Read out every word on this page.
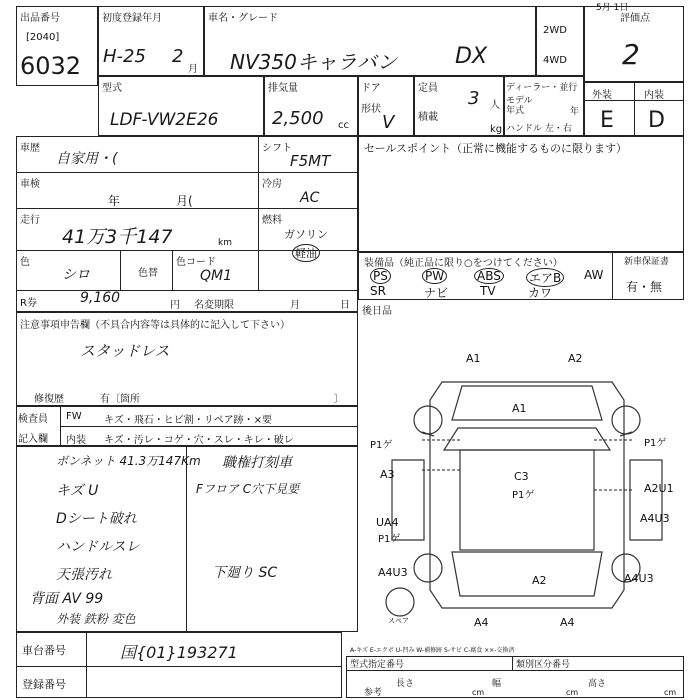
5月 1日
出品番号
[2040]
6032
初度登録年月
H-25 2
月
車名・グレード
NV350キャラバン	DX
2WD
4WD
評価点
2
型式
LDF-VW2E26
排気量
2,500 cc
ドア
形状
V
定員 3 人
積載
kg
ディーラー・並行
モデル
年式	年
ハンドル 左・右
外装	内装
E D
車歴
自家用・(
車検
年	月(
走行
41万3千147	km
色
シロ	色替
色コード
QM1
R券	9,160	円 名変期限	月	日
シフト
F5MT
冷房
AC
燃料
ガソリン
軽油
セールスポイント（正常に機能するものに限ります）
装備品（純正品に限り○をつけてください）	新車保証書
有・無
PS	PW	ABS エアB AW
SR	ナビ	TV	カワ
後日品
注意事項申告欄（不具合内容等は具体的に記入して下さい）
スタッドレス
修復歴	有〔箇所	〕
検査員
記入欄
FW キズ・飛石・ヒビ割・リペア跡・×要
内装 キズ・汚レ・コゲ・穴・スレ・キレ・破レ
ボンネット 41.3万147Km
キズ U
Dシート破れ
ハンドルスレ
天張汚れ
背面 AV 99
外装 鉄粉 変色
職権打刻車
Fフロア C穴下見要
下廻り SC
A1	A2
A1
P1ゲ	P1ゲ
A3	C3
P1ゲ
A2U1
UA4
P1ゲ
A4U3
A4U3	A4U3
A2
A4	A4
スペア
車台番号	国{01}193271
登録番号
A-キズ E-エクボ U-凹み W-補修跡 S-サビ C-腐食 ××-交換済
型式指定番号	類別区分番号
参考
長さ
cm
幅
cm
高さ
cm
